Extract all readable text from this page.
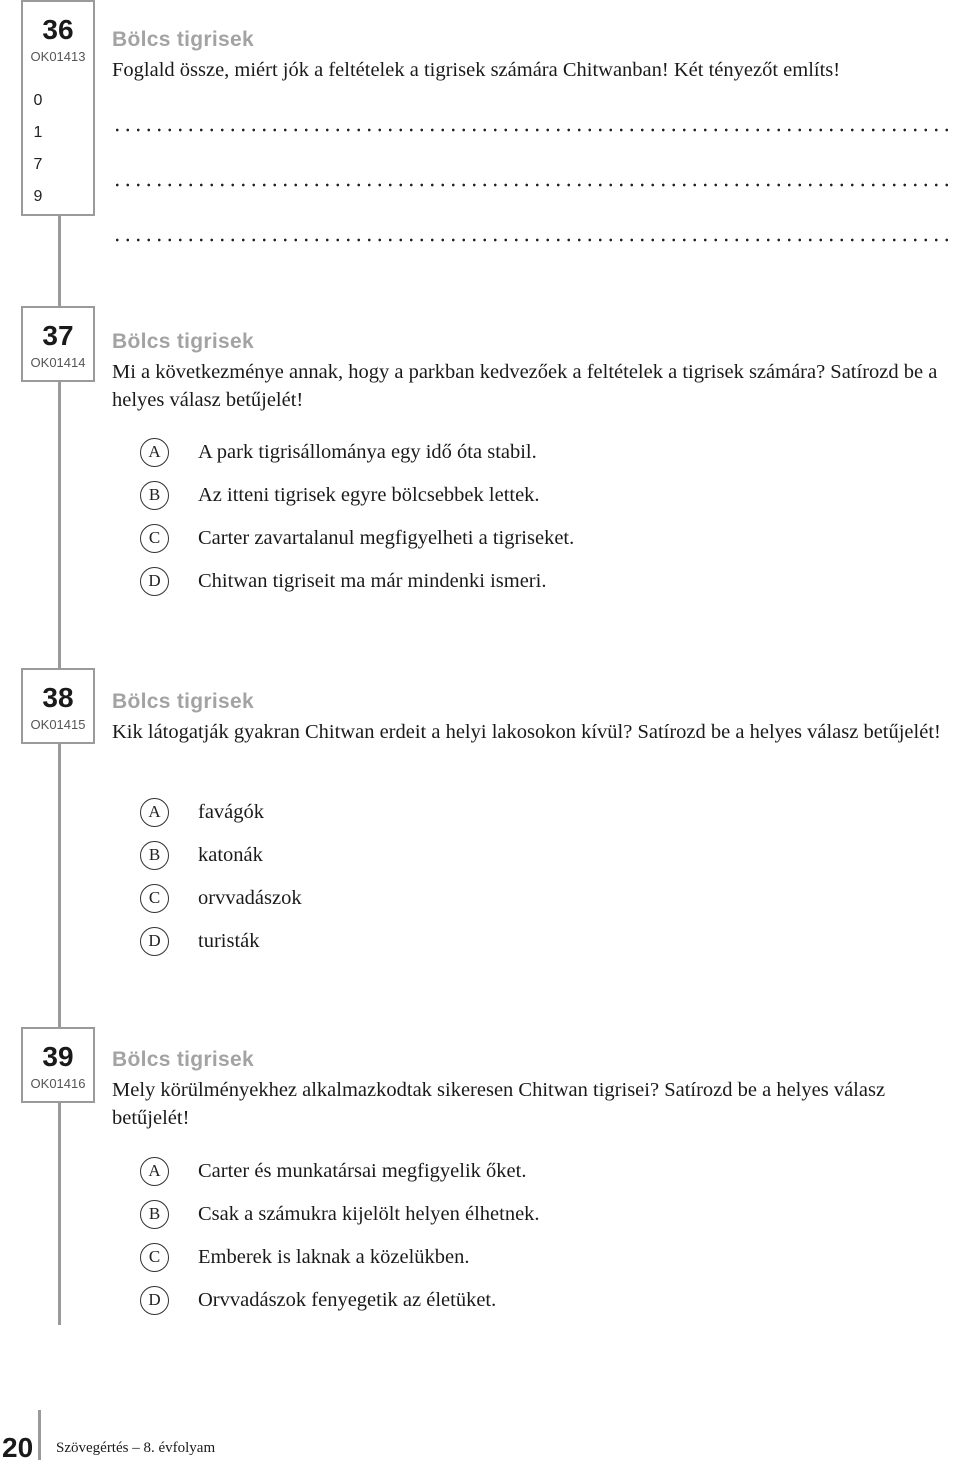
36
OK01413
0
1
7
9
Bölcs tigrisek
Foglald össze, miért jók a feltételek a tigrisek számára Chitwanban! Két tényezőt említs!
37
OK01414
Bölcs tigrisek
Mi a következménye annak, hogy a parkban kedvezőek a feltételek a tigrisek számára? Satírozd be a helyes válasz betűjelét!
A	A park tigrisállománya egy idő óta stabil.
B	Az itteni tigrisek egyre bölcsebbek lettek.
C	Carter zavartalanul megfigyelheti a tigriseket.
D	Chitwan tigriseit ma már mindenki ismeri.
38
OK01415
Bölcs tigrisek
Kik látogatják gyakran Chitwan erdeit a helyi lakosokon kívül? Satírozd be a helyes válasz betűjelét!
A	favágók
B	katonák
C	orvvadászok
D	turisták
39
OK01416
Bölcs tigrisek
Mely körülményekhez alkalmazkodtak sikeresen Chitwan tigrisei? Satírozd be a helyes válasz betűjelét!
A	Carter és munkatársai megfigyelik őket.
B	Csak a számukra kijelölt helyen élhetnek.
C	Emberek is laknak a közelükben.
D	Orvvadászok fenyegetik az életüket.
20 Szövegértés – 8. évfolyam
